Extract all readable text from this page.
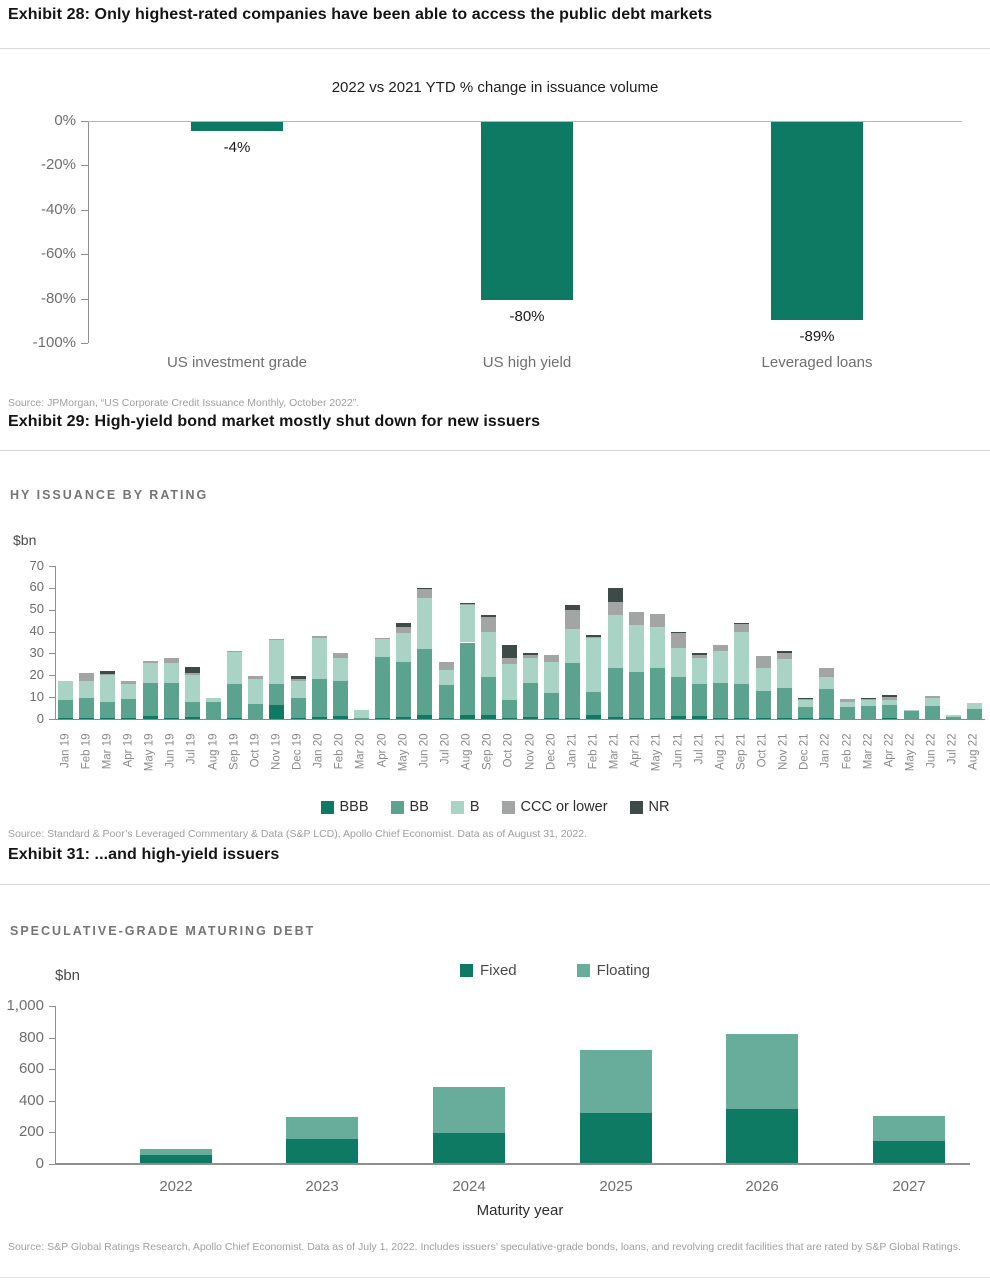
Exhibit 28: Only highest-rated companies have been able to access the public debt markets
2022 vs 2021 YTD % change in issuance volume
0%
-20%
-40%
-60%
-80%
-100%
-4%
US investment grade
-80%
US high yield
-89%
Leveraged loans
Source: JPMorgan, “US Corporate Credit Issuance Monthly, October 2022”.
Exhibit 29: High-yield bond market mostly shut down for new issuers
HY ISSUANCE BY RATING
$bn
0
10
20
30
40
50
60
70
Jan 19 Feb 19 Mar 19 Apr 19 May 19 Jun 19 Jul 19 Aug 19 Sep 19 Oct 19 Nov 19 Dec 19 Jan 20 Feb 20 Mar 20 Apr 20 May 20 Jun 20 Jul 20 Aug 20 Sep 20 Oct 20 Nov 20 Dec 20 Jan 21 Feb 21 Mar 21 Apr 21 May 21 Jun 21 Jul 21 Aug 21 Sep 21 Oct 21 Nov 21 Dec 21 Jan 22 Feb 22 Mar 22 Apr 22 May 22 Jun 22 Jul 22 Aug 22
BBB	BB	B	CCC or lower	NR
Source: Standard & Poor’s Leveraged Commentary & Data (S&P LCD), Apollo Chief Economist. Data as of August 31, 2022.
Exhibit 31: ...and high-yield issuers
SPECULATIVE-GRADE MATURING DEBT
Fixed	Floating
$bn
0
200
400
600
800
1,000
2022	2023	2024	2025	2026	2027
Maturity year
Source: S&P Global Ratings Research, Apollo Chief Economist. Data as of July 1, 2022. Includes issuers’ speculative-grade bonds, loans, and revolving credit facilities that are rated by S&P Global Ratings.
